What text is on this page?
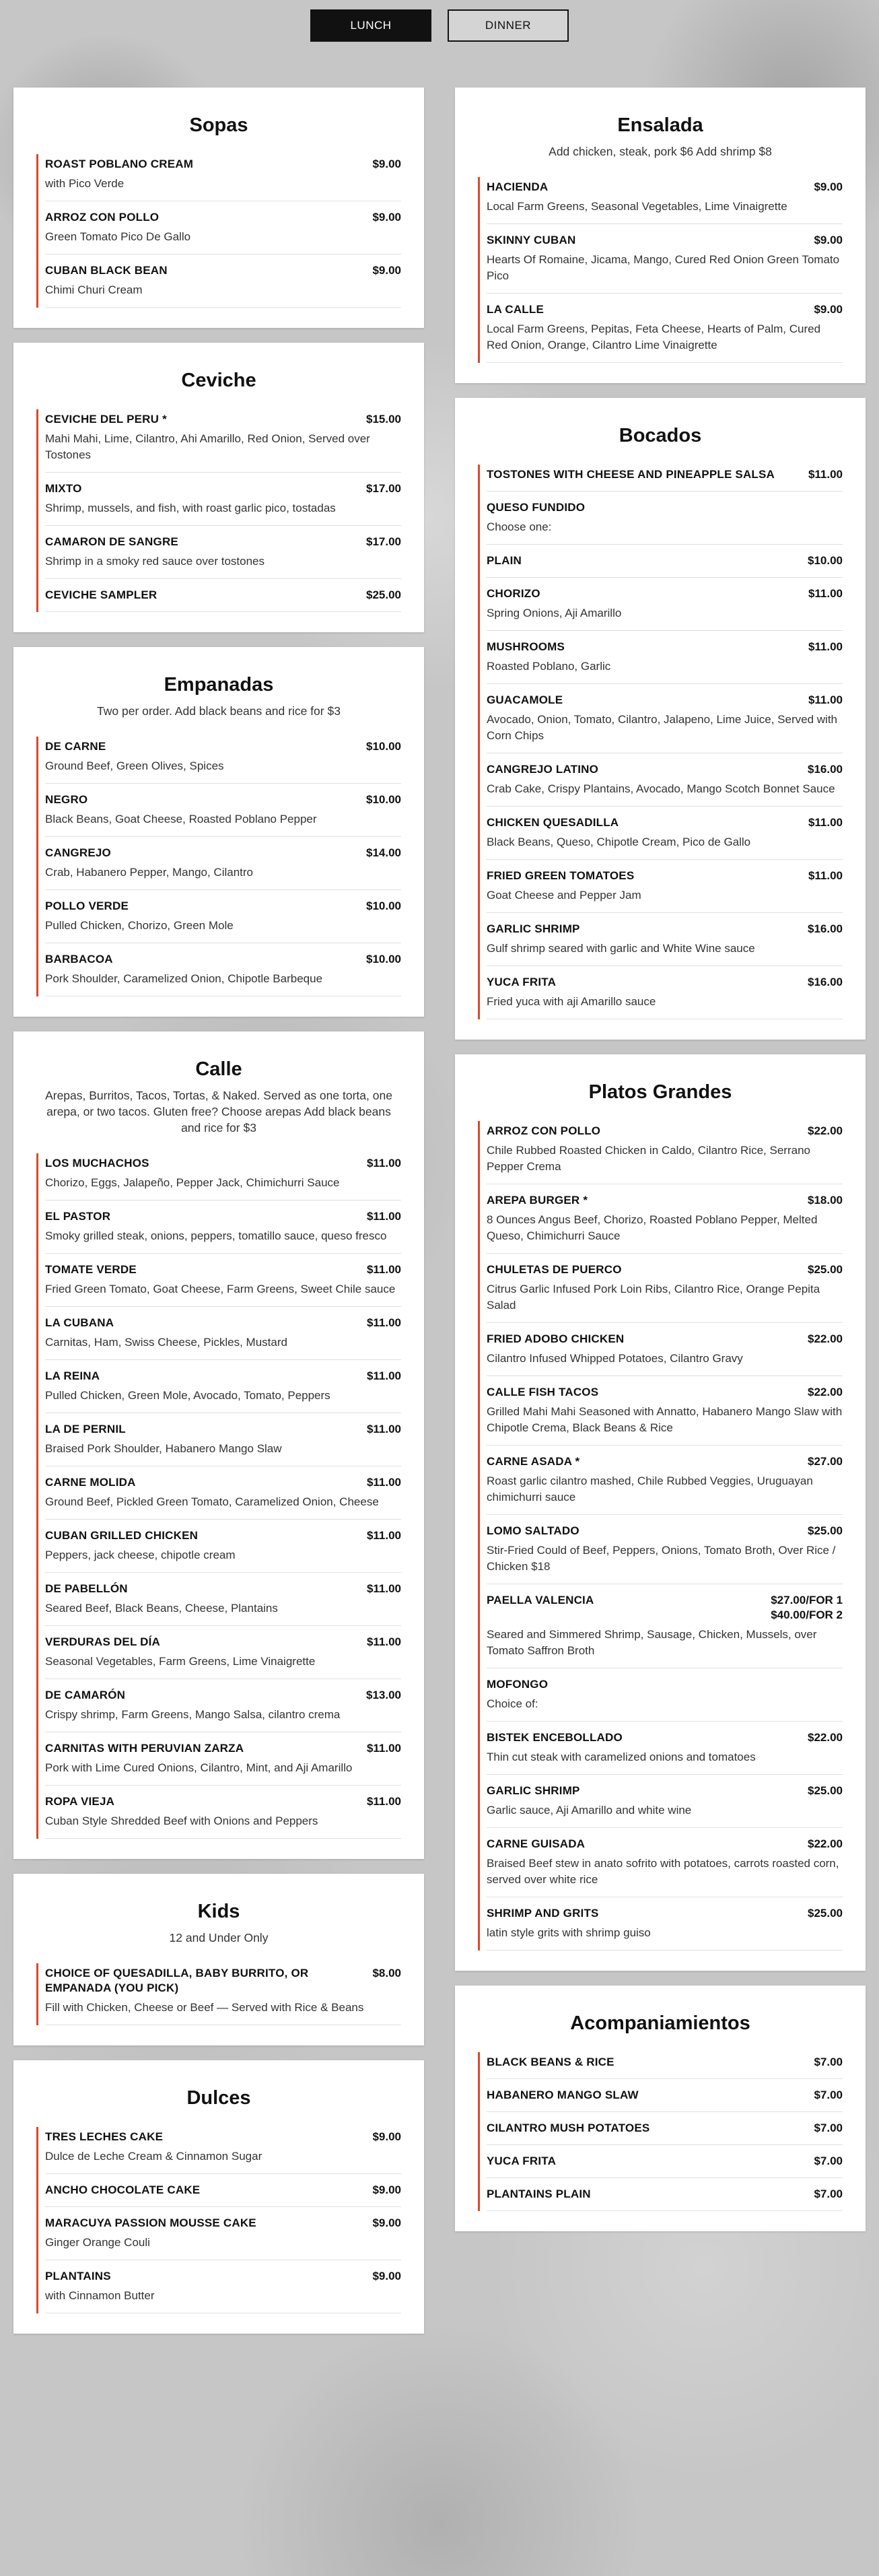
LUNCH	DINNER
Sopas
ROAST POBLANO CREAM	$9.00
with Pico Verde
ARROZ CON POLLO	$9.00
Green Tomato Pico De Gallo
CUBAN BLACK BEAN	$9.00
Chimi Churi Cream
Ceviche
CEVICHE DEL PERU *	$15.00
Mahi Mahi, Lime, Cilantro, Ahi Amarillo, Red Onion, Served over Tostones
MIXTO	$17.00
Shrimp, mussels, and fish, with roast garlic pico, tostadas
CAMARON DE SANGRE	$17.00
Shrimp in a smoky red sauce over tostones
CEVICHE SAMPLER	$25.00
Empanadas

Two per order. Add black beans and rice for $3

DE CARNE	$10.00
Ground Beef, Green Olives, Spices
NEGRO	$10.00
Black Beans, Goat Cheese, Roasted Poblano Pepper
CANGREJO	$14.00
Crab, Habanero Pepper, Mango, Cilantro
POLLO VERDE	$10.00
Pulled Chicken, Chorizo, Green Mole
BARBACOA	$10.00
Pork Shoulder, Caramelized Onion, Chipotle Barbeque
Calle

Arepas, Burritos, Tacos, Tortas, & Naked. Served as one torta, one arepa, or two tacos. Gluten free? Choose arepas Add black beans and rice for $3

LOS MUCHACHOS	$11.00
Chorizo, Eggs, Jalapeño, Pepper Jack, Chimichurri Sauce
EL PASTOR	$11.00
Smoky grilled steak, onions, peppers, tomatillo sauce, queso fresco
TOMATE VERDE	$11.00
Fried Green Tomato, Goat Cheese, Farm Greens, Sweet Chile sauce
LA CUBANA	$11.00
Carnitas, Ham, Swiss Cheese, Pickles, Mustard
LA REINA	$11.00
Pulled Chicken, Green Mole, Avocado, Tomato, Peppers
LA DE PERNIL	$11.00
Braised Pork Shoulder, Habanero Mango Slaw
CARNE MOLIDA	$11.00
Ground Beef, Pickled Green Tomato, Caramelized Onion, Cheese
CUBAN GRILLED CHICKEN	$11.00
Peppers, jack cheese, chipotle cream
DE PABELLÓN	$11.00
Seared Beef, Black Beans, Cheese, Plantains
VERDURAS DEL DÍA	$11.00
Seasonal Vegetables, Farm Greens, Lime Vinaigrette
DE CAMARÓN	$13.00
Crispy shrimp, Farm Greens, Mango Salsa, cilantro crema
CARNITAS WITH PERUVIAN ZARZA	$11.00
Pork with Lime Cured Onions, Cilantro, Mint, and Aji Amarillo
ROPA VIEJA	$11.00
Cuban Style Shredded Beef with Onions and Peppers
Kids

12 and Under Only

CHOICE OF QUESADILLA, BABY BURRITO, OR EMPANADA (YOU PICK)
$8.00
Fill with Chicken, Cheese or Beef — Served with Rice & Beans
Dulces
TRES LECHES CAKE	$9.00
Dulce de Leche Cream & Cinnamon Sugar
ANCHO CHOCOLATE CAKE	$9.00
MARACUYA PASSION MOUSSE CAKE	$9.00
Ginger Orange Couli
PLANTAINS	$9.00
with Cinnamon Butter
Ensalada

Add chicken, steak, pork $6 Add shrimp $8

HACIENDA	$9.00
Local Farm Greens, Seasonal Vegetables, Lime Vinaigrette
SKINNY CUBAN	$9.00
Hearts Of Romaine, Jicama, Mango, Cured Red Onion Green Tomato Pico
LA CALLE	$9.00
Local Farm Greens, Pepitas, Feta Cheese, Hearts of Palm, Cured Red Onion, Orange, Cilantro Lime Vinaigrette
Bocados
TOSTONES WITH CHEESE AND PINEAPPLE SALSA	$11.00
QUESO FUNDIDO
Choose one:
PLAIN	$10.00
CHORIZO	$11.00
Spring Onions, Aji Amarillo
MUSHROOMS	$11.00
Roasted Poblano, Garlic
GUACAMOLE	$11.00
Avocado, Onion, Tomato, Cilantro, Jalapeno, Lime Juice, Served with Corn Chips
CANGREJO LATINO	$16.00
Crab Cake, Crispy Plantains, Avocado, Mango Scotch Bonnet Sauce
CHICKEN QUESADILLA	$11.00
Black Beans, Queso, Chipotle Cream, Pico de Gallo
FRIED GREEN TOMATOES	$11.00
Goat Cheese and Pepper Jam
GARLIC SHRIMP	$16.00
Gulf shrimp seared with garlic and White Wine sauce
YUCA FRITA	$16.00
Fried yuca with aji Amarillo sauce
Platos Grandes
ARROZ CON POLLO	$22.00
Chile Rubbed Roasted Chicken in Caldo, Cilantro Rice, Serrano Pepper Crema
AREPA BURGER *	$18.00
8 Ounces Angus Beef, Chorizo, Roasted Poblano Pepper, Melted Queso, Chimichurri Sauce
CHULETAS DE PUERCO	$25.00
Citrus Garlic Infused Pork Loin Ribs, Cilantro Rice, Orange Pepita Salad
FRIED ADOBO CHICKEN	$22.00
Cilantro Infused Whipped Potatoes, Cilantro Gravy
CALLE FISH TACOS	$22.00
Grilled Mahi Mahi Seasoned with Annatto, Habanero Mango Slaw with Chipotle Crema, Black Beans & Rice
CARNE ASADA *	$27.00
Roast garlic cilantro mashed, Chile Rubbed Veggies, Uruguayan chimichurri sauce
LOMO SALTADO	$25.00
Stir-Fried Could of Beef, Peppers, Onions, Tomato Broth, Over Rice / Chicken $18
PAELLA VALENCIA	$27.00/FOR 1 $40.00/FOR 2
Seared and Simmered Shrimp, Sausage, Chicken, Mussels, over Tomato Saffron Broth
MOFONGO
Choice of:
BISTEK ENCEBOLLADO	$22.00
Thin cut steak with caramelized onions and tomatoes
GARLIC SHRIMP	$25.00
Garlic sauce, Aji Amarillo and white wine
CARNE GUISADA	$22.00
Braised Beef stew in anato sofrito with potatoes, carrots roasted corn, served over white rice
SHRIMP AND GRITS	$25.00
latin style grits with shrimp guiso
Acompaniamientos
BLACK BEANS & RICE	$7.00
HABANERO MANGO SLAW	$7.00
CILANTRO MUSH POTATOES	$7.00
YUCA FRITA	$7.00
PLANTAINS PLAIN	$7.00
